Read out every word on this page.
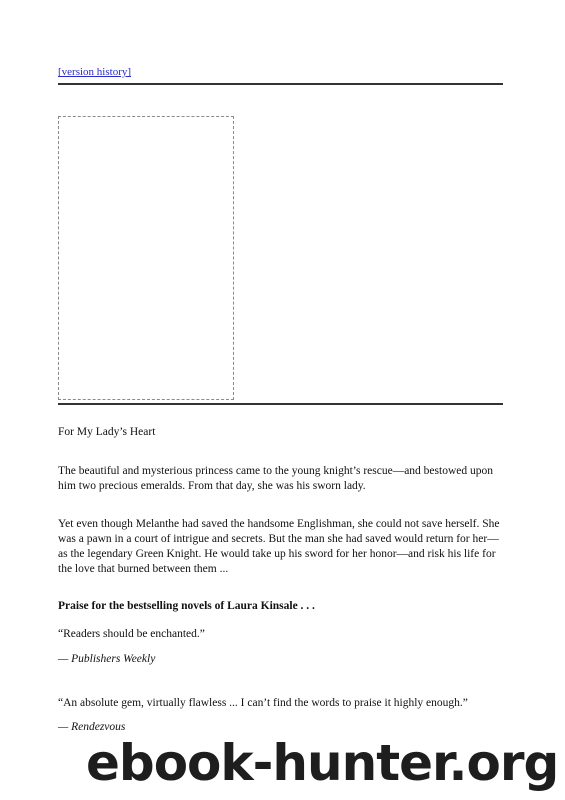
[version history]
For My Lady’s Heart
The beautiful and mysterious princess came to the young knight’s rescue—and bestowed upon him two precious emeralds. From that day, she was his sworn lady.
Yet even though Melanthe had saved the handsome Englishman, she could not save herself. She was a pawn in a court of intrigue and secrets. But the man she had saved would return for her—as the legendary Green Knight. He would take up his sword for her honor—and risk his life for the love that burned between them ...
Praise for the bestselling novels of Laura Kinsale . . .
“Readers should be enchanted.”
— Publishers Weekly
“An absolute gem, virtually flawless ... I can’t find the words to praise it highly enough.”
— Rendezvous
ebook-hunter.org
